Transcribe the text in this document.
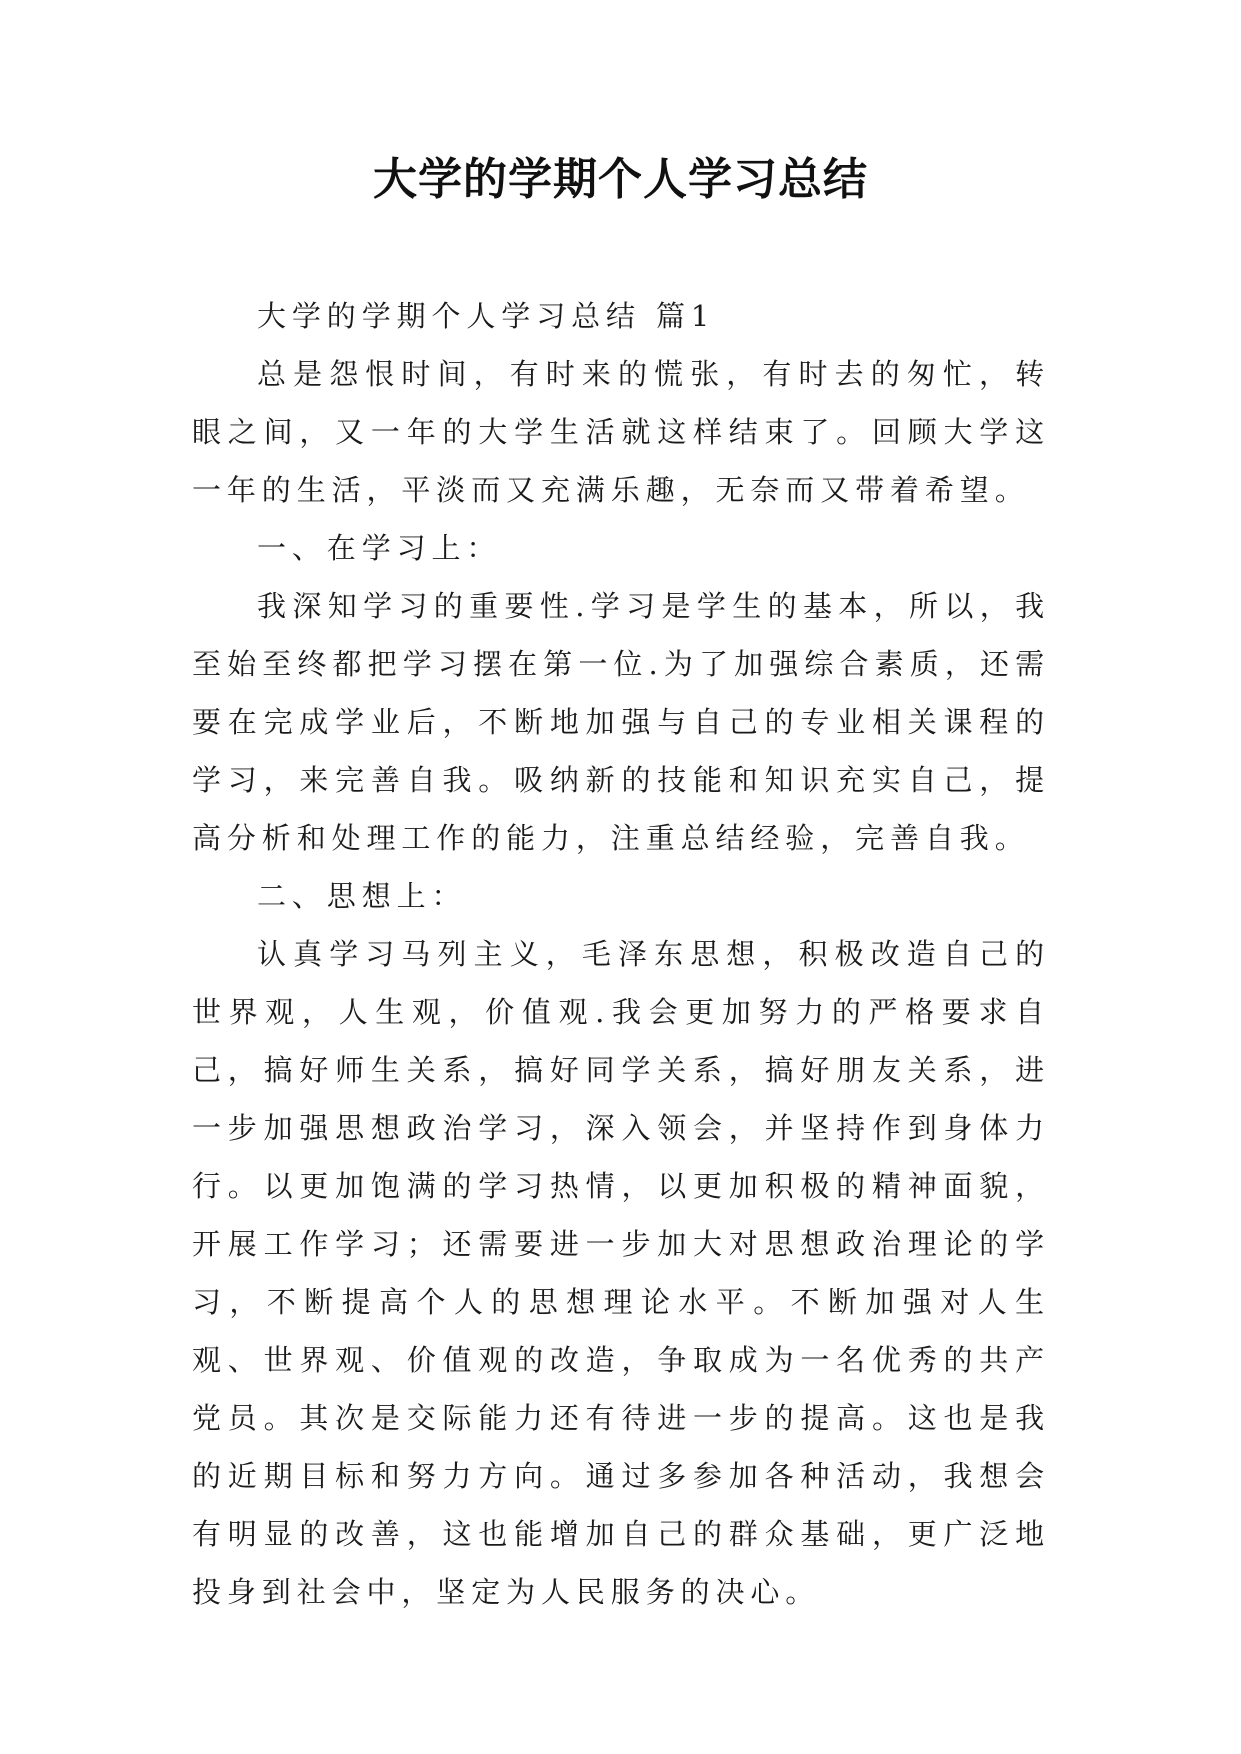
大学的学期个人学习总结

大学的学期个人学习总结 篇1

总是怨恨时间，有时来的慌张，有时去的匆忙，转眼之间，又一年的大学生活就这样结束了。回顾大学这一年的生活，平淡而又充满乐趣，无奈而又带着希望。

一、在学习上：

我深知学习的重要性.学习是学生的基本，所以，我至始至终都把学习摆在第一位.为了加强综合素质，还需要在完成学业后，不断地加强与自己的专业相关课程的学习，来完善自我。吸纳新的技能和知识充实自己，提高分析和处理工作的能力，注重总结经验，完善自我。

二、思想上：

认真学习马列主义，毛泽东思想，积极改造自己的世界观，人生观，价值观.我会更加努力的严格要求自己，搞好师生关系，搞好同学关系，搞好朋友关系，进一步加强思想政治学习，深入领会，并坚持作到身体力行。以更加饱满的学习热情，以更加积极的精神面貌，开展工作学习；还需要进一步加大对思想政治理论的学习，不断提高个人的思想理论水平。不断加强对人生观、世界观、价值观的改造，争取成为一名优秀的共产党员。其次是交际能力还有待进一步的提高。这也是我的近期目标和努力方向。通过多参加各种活动，我想会有明显的改善，这也能增加自己的群众基础，更广泛地投身到社会中，坚定为人民服务的决心。
